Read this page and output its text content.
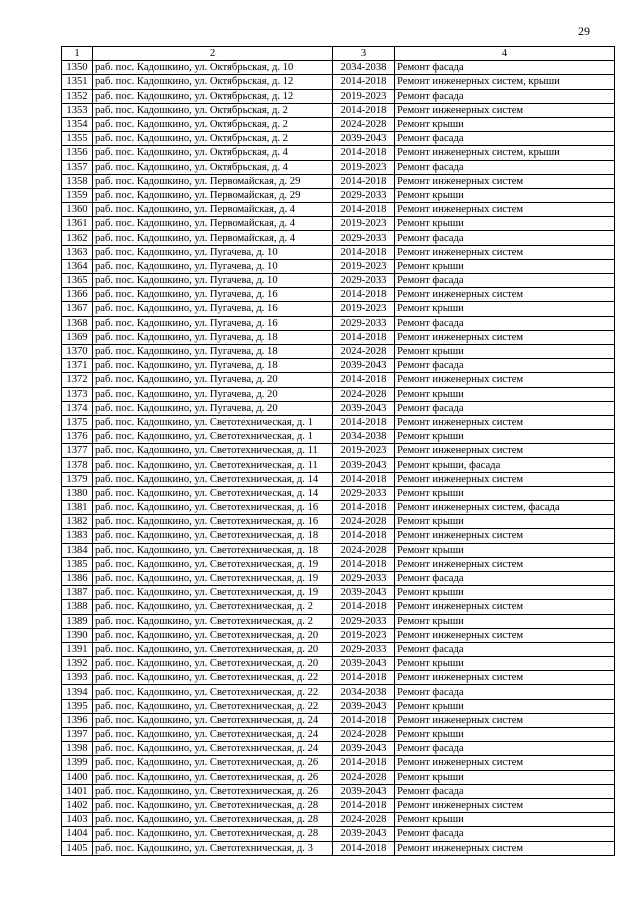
29
1	2	3	4
1350	раб. пос. Кадошкино, ул. Октябрьская, д. 10	2034-2038	Ремонт фасада
1351	раб. пос. Кадошкино, ул. Октябрьская, д. 12	2014-2018	Ремонт инженерных систем, крыши
1352	раб. пос. Кадошкино, ул. Октябрьская, д. 12	2019-2023	Ремонт фасада
1353	раб. пос. Кадошкино, ул. Октябрьская, д. 2	2014-2018	Ремонт инженерных систем
1354	раб. пос. Кадошкино, ул. Октябрьская, д. 2	2024-2028	Ремонт крыши
1355	раб. пос. Кадошкино, ул. Октябрьская, д. 2	2039-2043	Ремонт фасада
1356	раб. пос. Кадошкино, ул. Октябрьская, д. 4	2014-2018	Ремонт инженерных систем, крыши
1357	раб. пос. Кадошкино, ул. Октябрьская, д. 4	2019-2023	Ремонт фасада
1358	раб. пос. Кадошкино, ул. Первомайская, д. 29	2014-2018	Ремонт инженерных систем
1359	раб. пос. Кадошкино, ул. Первомайская, д. 29	2029-2033	Ремонт крыши
1360	раб. пос. Кадошкино, ул. Первомайская, д. 4	2014-2018	Ремонт инженерных систем
1361	раб. пос. Кадошкино, ул. Первомайская, д. 4	2019-2023	Ремонт крыши
1362	раб. пос. Кадошкино, ул. Первомайская, д. 4	2029-2033	Ремонт фасада
1363	раб. пос. Кадошкино, ул. Пугачева, д. 10	2014-2018	Ремонт инженерных систем
1364	раб. пос. Кадошкино, ул. Пугачева, д. 10	2019-2023	Ремонт крыши
1365	раб. пос. Кадошкино, ул. Пугачева, д. 10	2029-2033	Ремонт фасада
1366	раб. пос. Кадошкино, ул. Пугачева, д. 16	2014-2018	Ремонт инженерных систем
1367	раб. пос. Кадошкино, ул. Пугачева, д. 16	2019-2023	Ремонт крыши
1368	раб. пос. Кадошкино, ул. Пугачева, д. 16	2029-2033	Ремонт фасада
1369	раб. пос. Кадошкино, ул. Пугачева, д. 18	2014-2018	Ремонт инженерных систем
1370	раб. пос. Кадошкино, ул. Пугачева, д. 18	2024-2028	Ремонт крыши
1371	раб. пос. Кадошкино, ул. Пугачева, д. 18	2039-2043	Ремонт фасада
1372	раб. пос. Кадошкино, ул. Пугачева, д. 20	2014-2018	Ремонт инженерных систем
1373	раб. пос. Кадошкино, ул. Пугачева, д. 20	2024-2028	Ремонт крыши
1374	раб. пос. Кадошкино, ул. Пугачева, д. 20	2039-2043	Ремонт фасада
1375	раб. пос. Кадошкино, ул. Светотехническая, д. 1	2014-2018	Ремонт инженерных систем
1376	раб. пос. Кадошкино, ул. Светотехническая, д. 1	2034-2038	Ремонт крыши
1377	раб. пос. Кадошкино, ул. Светотехническая, д. 11	2019-2023	Ремонт инженерных систем
1378	раб. пос. Кадошкино, ул. Светотехническая, д. 11	2039-2043	Ремонт крыши, фасада
1379	раб. пос. Кадошкино, ул. Светотехническая, д. 14	2014-2018	Ремонт инженерных систем
1380	раб. пос. Кадошкино, ул. Светотехническая, д. 14	2029-2033	Ремонт крыши
1381	раб. пос. Кадошкино, ул. Светотехническая, д. 16	2014-2018	Ремонт инженерных систем, фасада
1382	раб. пос. Кадошкино, ул. Светотехническая, д. 16	2024-2028	Ремонт крыши
1383	раб. пос. Кадошкино, ул. Светотехническая, д. 18	2014-2018	Ремонт инженерных систем
1384	раб. пос. Кадошкино, ул. Светотехническая, д. 18	2024-2028	Ремонт крыши
1385	раб. пос. Кадошкино, ул. Светотехническая, д. 19	2014-2018	Ремонт инженерных систем
1386	раб. пос. Кадошкино, ул. Светотехническая, д. 19	2029-2033	Ремонт фасада
1387	раб. пос. Кадошкино, ул. Светотехническая, д. 19	2039-2043	Ремонт крыши
1388	раб. пос. Кадошкино, ул. Светотехническая, д. 2	2014-2018	Ремонт инженерных систем
1389	раб. пос. Кадошкино, ул. Светотехническая, д. 2	2029-2033	Ремонт крыши
1390	раб. пос. Кадошкино, ул. Светотехническая, д. 20	2019-2023	Ремонт инженерных систем
1391	раб. пос. Кадошкино, ул. Светотехническая, д. 20	2029-2033	Ремонт фасада
1392	раб. пос. Кадошкино, ул. Светотехническая, д. 20	2039-2043	Ремонт крыши
1393	раб. пос. Кадошкино, ул. Светотехническая, д. 22	2014-2018	Ремонт инженерных систем
1394	раб. пос. Кадошкино, ул. Светотехническая, д. 22	2034-2038	Ремонт фасада
1395	раб. пос. Кадошкино, ул. Светотехническая, д. 22	2039-2043	Ремонт крыши
1396	раб. пос. Кадошкино, ул. Светотехническая, д. 24	2014-2018	Ремонт инженерных систем
1397	раб. пос. Кадошкино, ул. Светотехническая, д. 24	2024-2028	Ремонт крыши
1398	раб. пос. Кадошкино, ул. Светотехническая, д. 24	2039-2043	Ремонт фасада
1399	раб. пос. Кадошкино, ул. Светотехническая, д. 26	2014-2018	Ремонт инженерных систем
1400	раб. пос. Кадошкино, ул. Светотехническая, д. 26	2024-2028	Ремонт крыши
1401	раб. пос. Кадошкино, ул. Светотехническая, д. 26	2039-2043	Ремонт фасада
1402	раб. пос. Кадошкино, ул. Светотехническая, д. 28	2014-2018	Ремонт инженерных систем
1403	раб. пос. Кадошкино, ул. Светотехническая, д. 28	2024-2028	Ремонт крыши
1404	раб. пос. Кадошкино, ул. Светотехническая, д. 28	2039-2043	Ремонт фасада
1405	раб. пос. Кадошкино, ул. Светотехническая, д. 3	2014-2018	Ремонт инженерных систем
